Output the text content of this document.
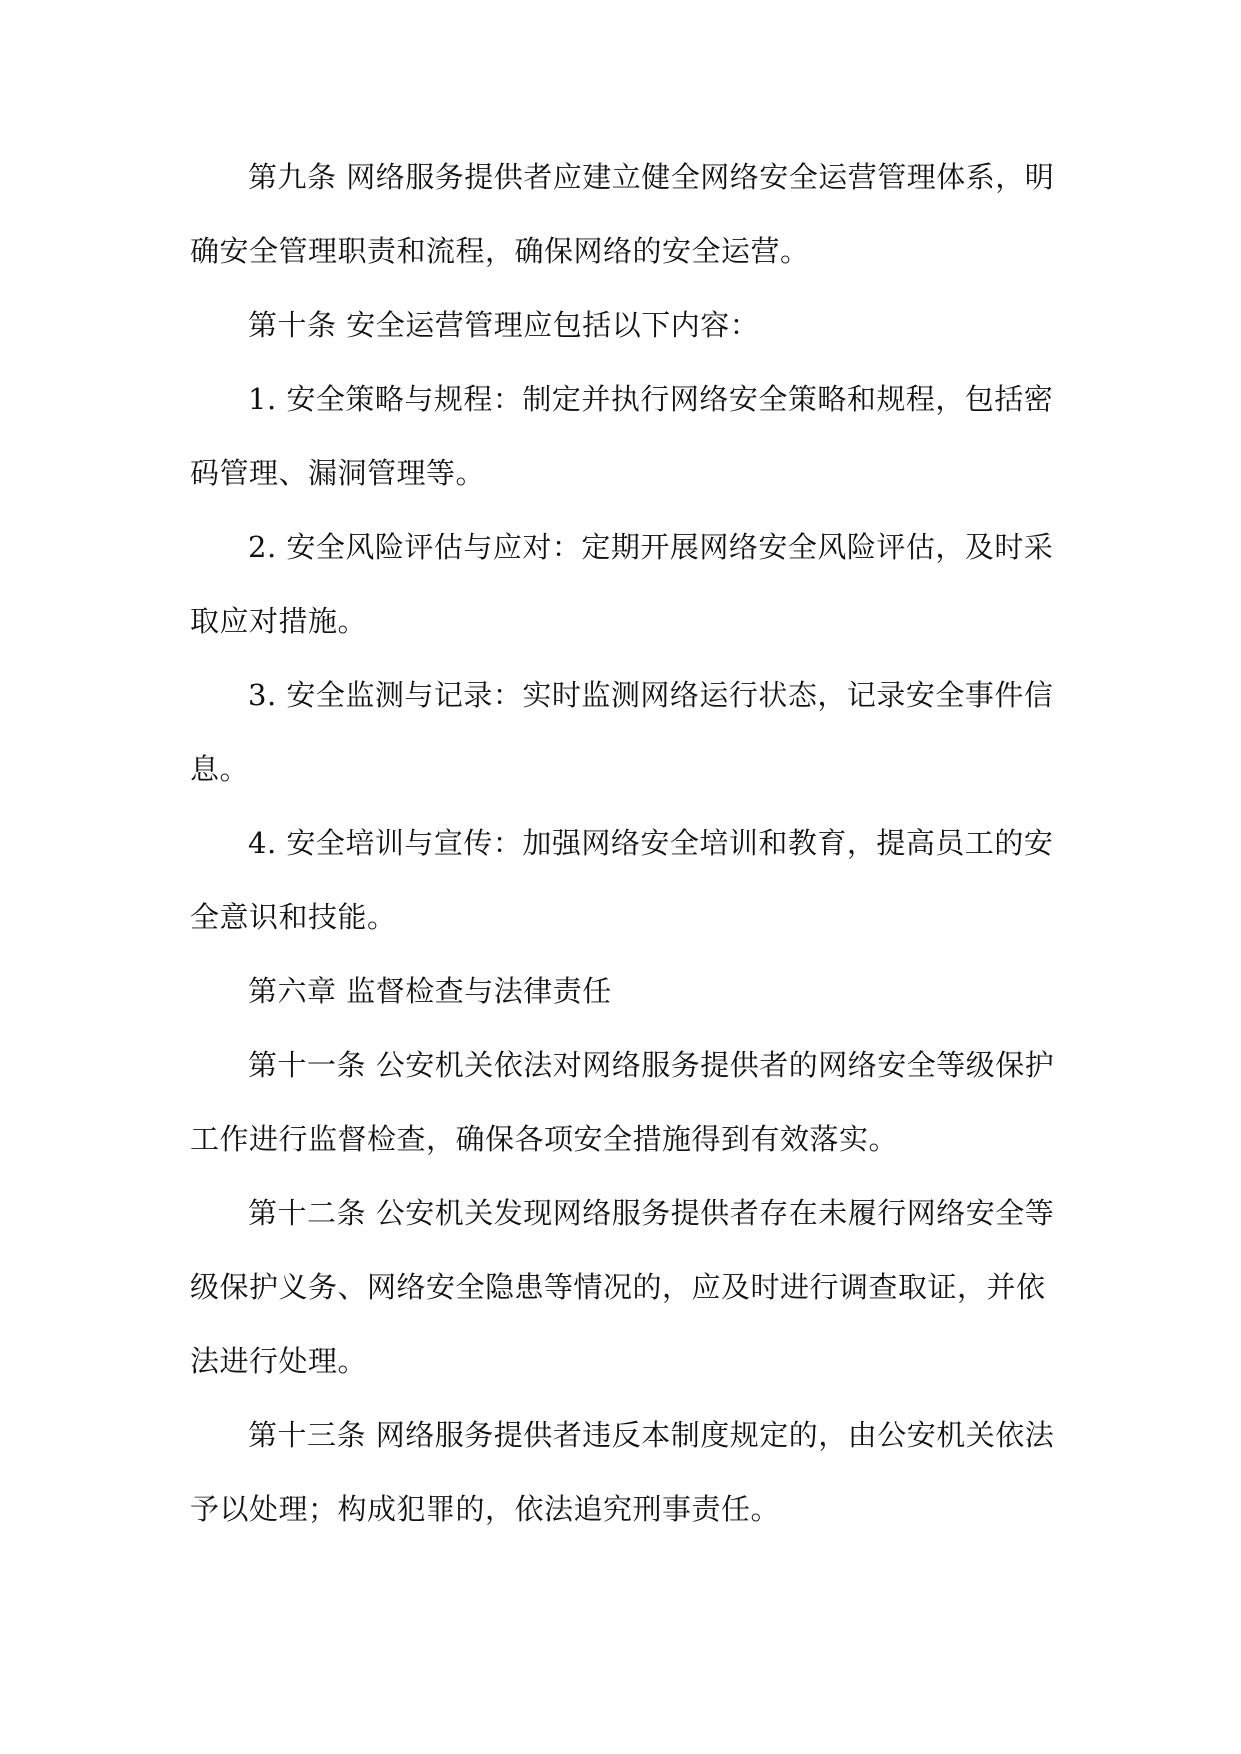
第九条 网络服务提供者应建立健全网络安全运营管理体系，明确安全管理职责和流程，确保网络的安全运营。

第十条 安全运营管理应包括以下内容：

1. 安全策略与规程：制定并执行网络安全策略和规程，包括密码管理、漏洞管理等。

2. 安全风险评估与应对：定期开展网络安全风险评估，及时采取应对措施。

3. 安全监测与记录：实时监测网络运行状态，记录安全事件信息。

4. 安全培训与宣传：加强网络安全培训和教育，提高员工的安全意识和技能。

第六章 监督检查与法律责任

第十一条 公安机关依法对网络服务提供者的网络安全等级保护工作进行监督检查，确保各项安全措施得到有效落实。

第十二条 公安机关发现网络服务提供者存在未履行网络安全等级保护义务、网络安全隐患等情况的，应及时进行调查取证，并依法进行处理。

第十三条 网络服务提供者违反本制度规定的，由公安机关依法予以处理；构成犯罪的，依法追究刑事责任。
